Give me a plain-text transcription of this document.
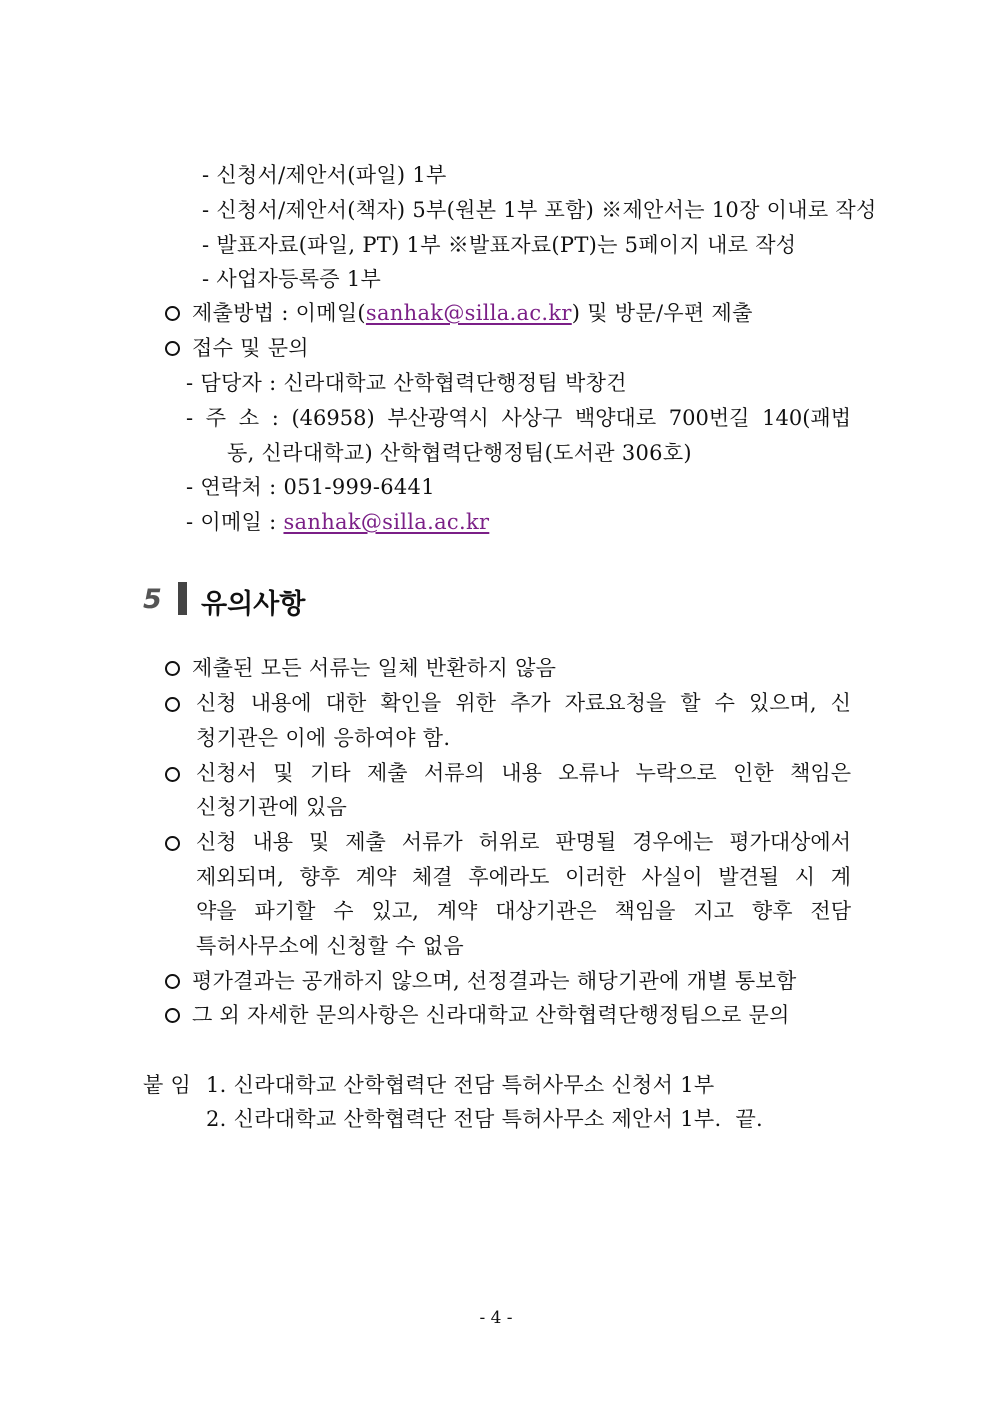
- 신청서/제안서(파일) 1부
- 신청서/제안서(책자) 5부(원본 1부 포함) ※제안서는 10장 이내로 작성
- 발표자료(파일, PT) 1부 ※발표자료(PT)는 5페이지 내로 작성
- 사업자등록증 1부
제출방법 : 이메일(sanhak@silla.ac.kr) 및 방문/우편 제출
접수 및 문의
- 담당자 : 신라대학교 산학협력단행정팀 박창건
- 주 소 : (46958) 부산광역시 사상구 백양대로 700번길 140(괘법
동, 신라대학교) 산학협력단행정팀(도서관 306호)
- 연락처 : 051-999-6441
- 이메일 : sanhak@silla.ac.kr
5 유의사항
제출된 모든 서류는 일체 반환하지 않음
신청 내용에 대한 확인을 위한 추가 자료요청을 할 수 있으며, 신
청기관은 이에 응하여야 함.
신청서 및 기타 제출 서류의 내용 오류나 누락으로 인한 책임은
신청기관에 있음
신청 내용 및 제출 서류가 허위로 판명될 경우에는 평가대상에서
제외되며, 향후 계약 체결 후에라도 이러한 사실이 발견될 시 계
약을 파기할 수 있고, 계약 대상기관은 책임을 지고 향후 전담
특허사무소에 신청할 수 없음
평가결과는 공개하지 않으며, 선정결과는 해당기관에 개별 통보함
그 외 자세한 문의사항은 신라대학교 산학협력단행정팀으로 문의
붙 임 1. 신라대학교 산학협력단 전담 특허사무소 신청서 1부
2. 신라대학교 산학협력단 전담 특허사무소 제안서 1부. 끝.
- 4 -
